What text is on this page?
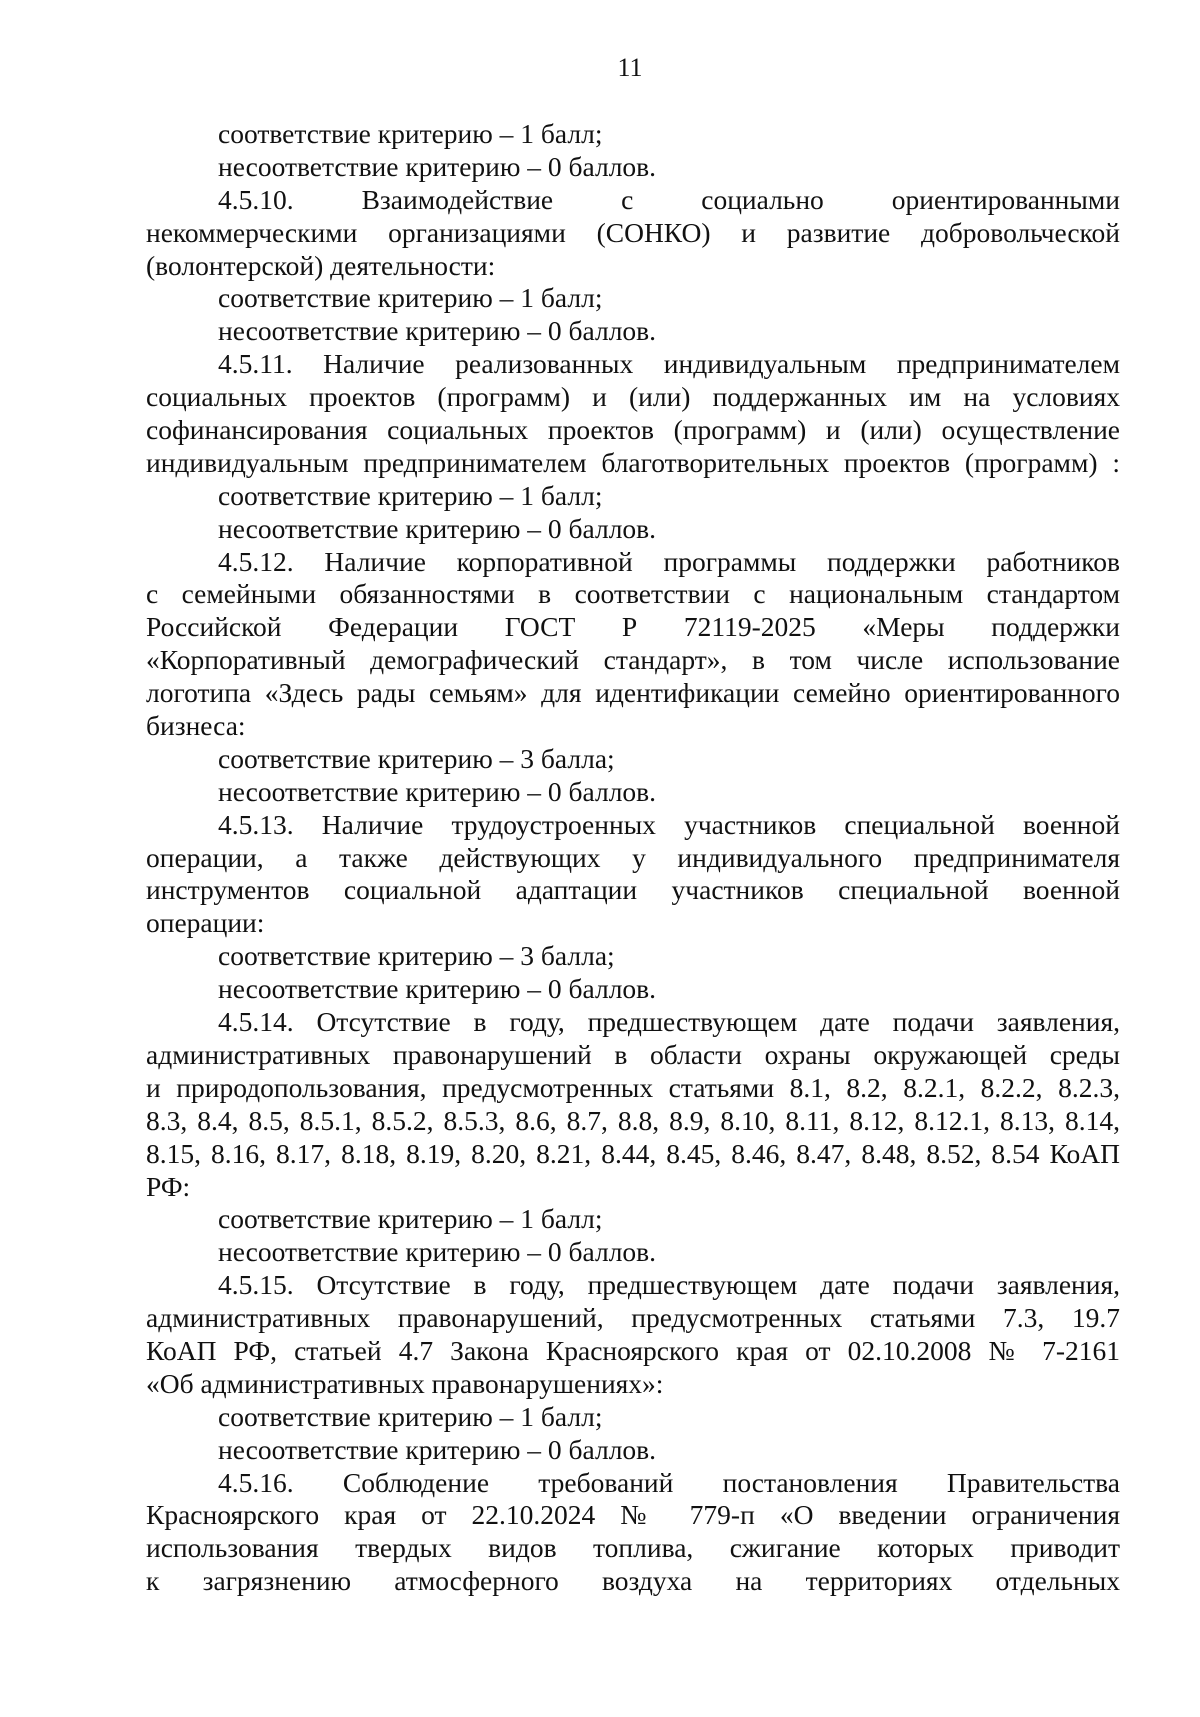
11
соответствие критерию – 1 балл;
несоответствие критерию – 0 баллов.
4.5.10. Взаимодействие с социально ориентированными
некоммерческими организациями (СОНКО) и развитие добровольческой
(волонтерской) деятельности:
соответствие критерию – 1 балл;
несоответствие критерию – 0 баллов.
4.5.11. Наличие реализованных индивидуальным предпринимателем
социальных проектов (программ) и (или) поддержанных им на условиях
софинансирования социальных проектов (программ) и (или) осуществление
индивидуальным предпринимателем благотворительных проектов (программ) :
соответствие критерию – 1 балл;
несоответствие критерию – 0 баллов.
4.5.12. Наличие корпоративной программы поддержки работников
с семейными обязанностями в соответствии с национальным стандартом
Российской Федерации ГОСТ Р 72119-2025 «Меры поддержки
«Корпоративный демографический стандарт», в том числе использование
логотипа «Здесь рады семьям» для идентификации семейно ориентированного
бизнеса:
соответствие критерию – 3 балла;
несоответствие критерию – 0 баллов.
4.5.13. Наличие трудоустроенных участников специальной военной
операции, а также действующих у индивидуального предпринимателя
инструментов социальной адаптации участников специальной военной
операции:
соответствие критерию – 3 балла;
несоответствие критерию – 0 баллов.
4.5.14. Отсутствие в году, предшествующем дате подачи заявления,
административных правонарушений в области охраны окружающей среды
и природопользования, предусмотренных статьями 8.1, 8.2, 8.2.1, 8.2.2, 8.2.3,
8.3, 8.4, 8.5, 8.5.1, 8.5.2, 8.5.3, 8.6, 8.7, 8.8, 8.9, 8.10, 8.11, 8.12, 8.12.1, 8.13, 8.14,
8.15, 8.16, 8.17, 8.18, 8.19, 8.20, 8.21, 8.44, 8.45, 8.46, 8.47, 8.48, 8.52, 8.54 КоАП
РФ:
соответствие критерию – 1 балл;
несоответствие критерию – 0 баллов.
4.5.15. Отсутствие в году, предшествующем дате подачи заявления,
административных правонарушений, предусмотренных статьями 7.3, 19.7
КоАП РФ, статьей 4.7 Закона Красноярского края от 02.10.2008 № 7-2161
«Об административных правонарушениях»:
соответствие критерию – 1 балл;
несоответствие критерию – 0 баллов.
4.5.16. Соблюдение требований постановления Правительства
Красноярского края от 22.10.2024 № 779-п «О введении ограничения
использования твердых видов топлива, сжигание которых приводит
к загрязнению атмосферного воздуха на территориях отдельных
